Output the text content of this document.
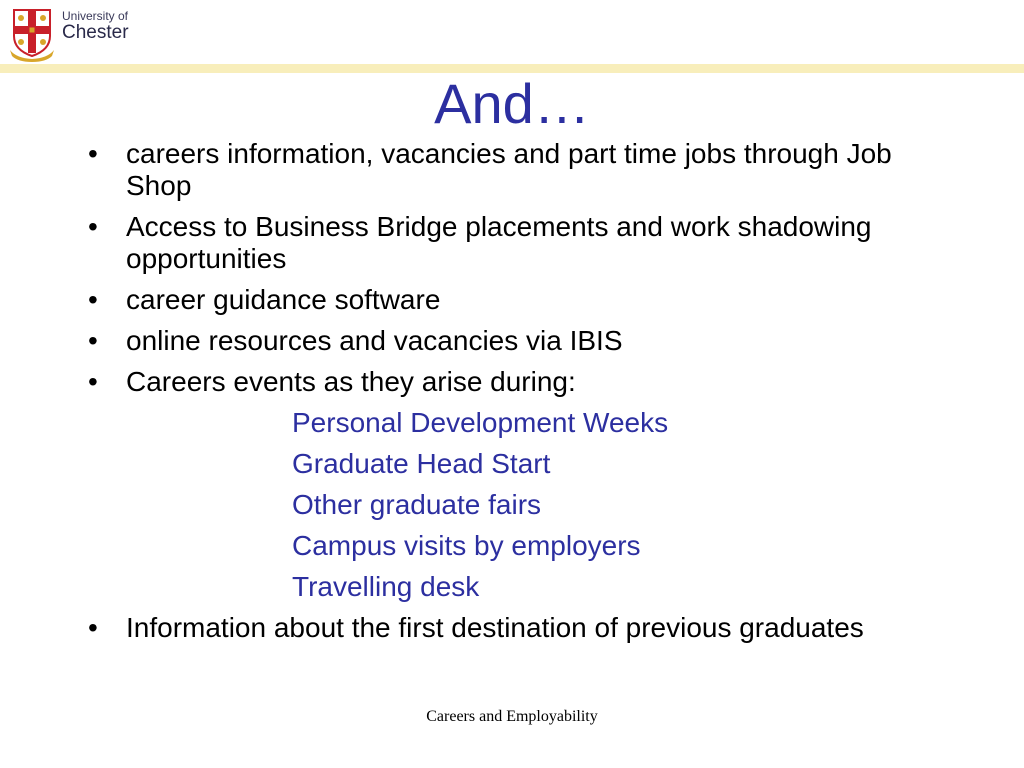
University of
Chester
And…
• careers information, vacancies and part time jobs through Job Shop
• Access to Business Bridge placements and work shadowing opportunities
• career guidance software
• online resources and vacancies via IBIS
• Careers events as they arise during:
Personal Development Weeks
Graduate Head Start
Other graduate fairs
Campus visits by employers
Travelling desk
• Information about the first destination of previous graduates
Careers and Employability
